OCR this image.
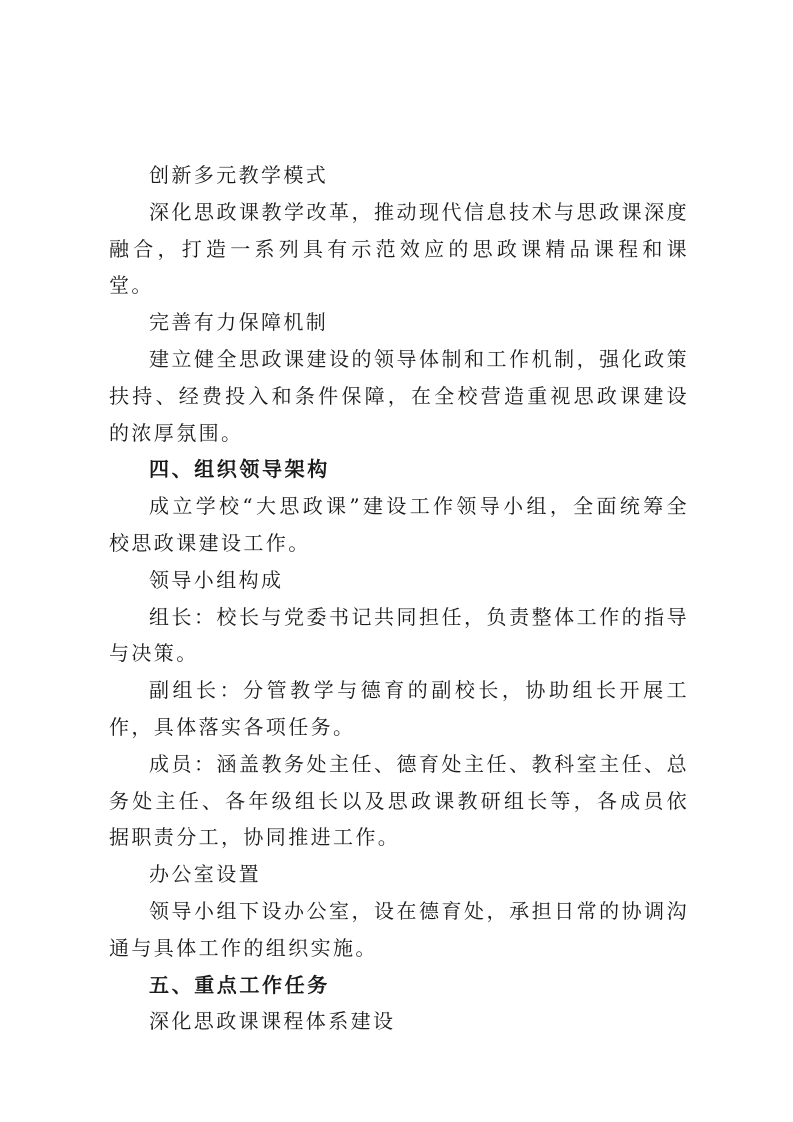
创新多元教学模式

深化思政课教学改革，推动现代信息技术与思政课深度融合，打造一系列具有示范效应的思政课精品课程和课堂。

完善有力保障机制

建立健全思政课建设的领导体制和工作机制，强化政策扶持、经费投入和条件保障，在全校营造重视思政课建设的浓厚氛围。

四、组织领导架构

成立学校“大思政课”建设工作领导小组，全面统筹全校思政课建设工作。

领导小组构成

组长：校长与党委书记共同担任，负责整体工作的指导与决策。

副组长：分管教学与德育的副校长，协助组长开展工作，具体落实各项任务。

成员：涵盖教务处主任、德育处主任、教科室主任、总务处主任、各年级组长以及思政课教研组长等，各成员依据职责分工，协同推进工作。

办公室设置

领导小组下设办公室，设在德育处，承担日常的协调沟通与具体工作的组织实施。

五、重点工作任务

深化思政课课程体系建设
